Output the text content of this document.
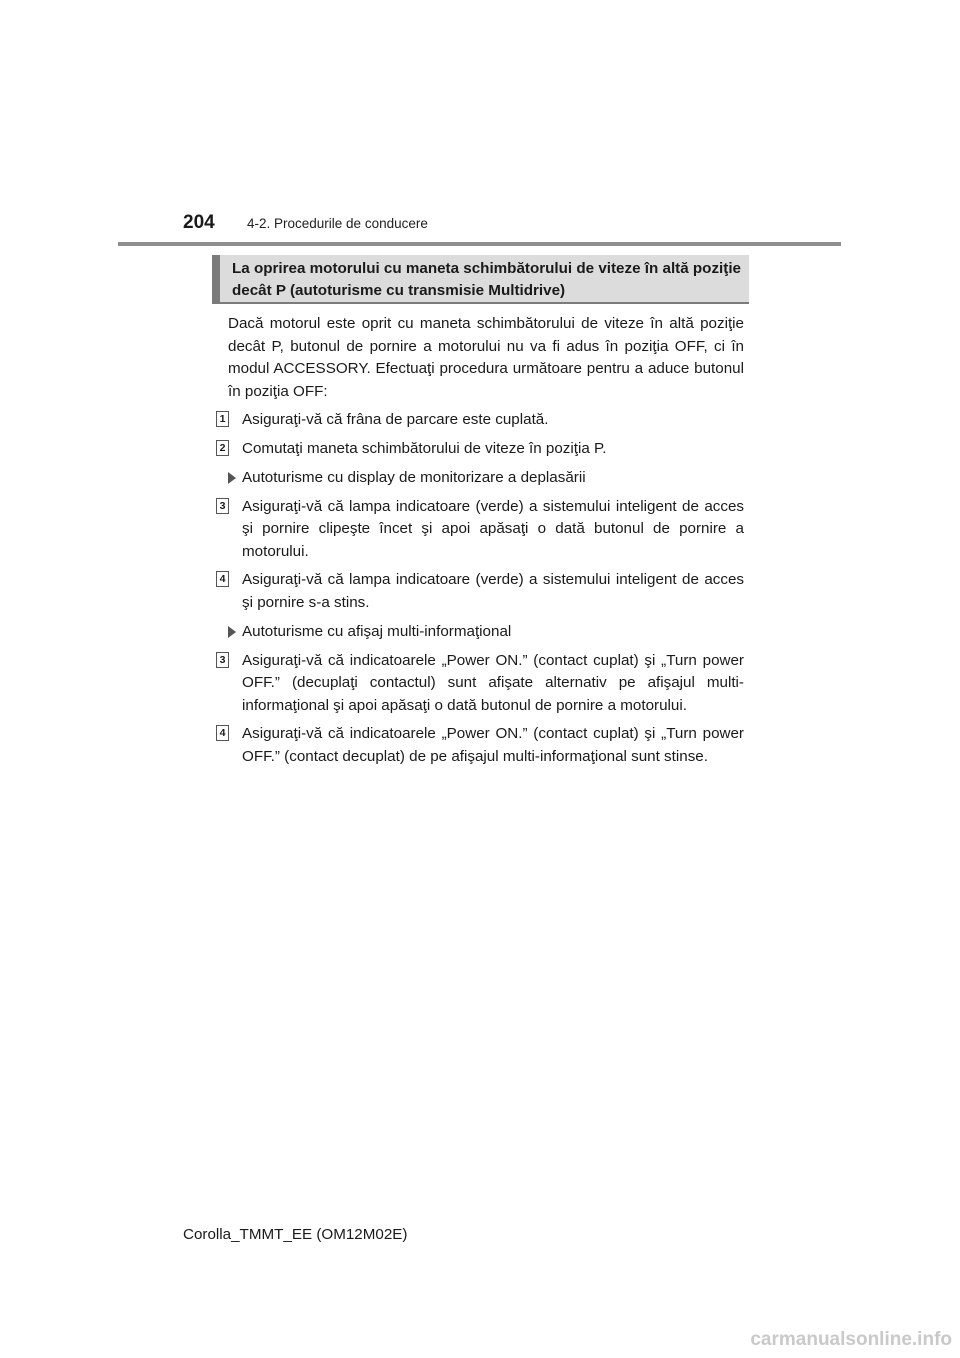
204	4-2. Procedurile de conducere
La oprirea motorului cu maneta schimbătorului de viteze în altă poziţie decât P (autoturisme cu transmisie Multidrive)

Dacă motorul este oprit cu maneta schimbătorului de viteze în altă poziţie decât P, butonul de pornire a motorului nu va fi adus în poziţia OFF, ci în modul ACCESSORY. Efectuaţi procedura următoare pentru a aduce butonul în poziţia OFF:

1	Asiguraţi-vă că frâna de parcare este cuplată.

2	Comutaţi maneta schimbătorului de viteze în poziţia P.

Autoturisme cu display de monitorizare a deplasării

3	Asiguraţi-vă că lampa indicatoare (verde) a sistemului inteligent de acces şi pornire clipeşte încet şi apoi apăsaţi o dată butonul de pornire a motorului.

4	Asiguraţi-vă că lampa indicatoare (verde) a sistemului inteligent de acces şi pornire s-a stins.

Autoturisme cu afişaj multi-informaţional

3	Asiguraţi-vă că indicatoarele „Power ON.” (contact cuplat) şi „Turn power OFF.” (decuplaţi contactul) sunt afişate alternativ pe afişajul multi-informaţional şi apoi apăsaţi o dată butonul de pornire a motorului.

4	Asiguraţi-vă că indicatoarele „Power ON.” (contact cuplat) şi „Turn power OFF.” (contact decuplat) de pe afişajul multi-informaţional sunt stinse.

Corolla_TMMT_EE (OM12M02E)
carmanualsonline.info
